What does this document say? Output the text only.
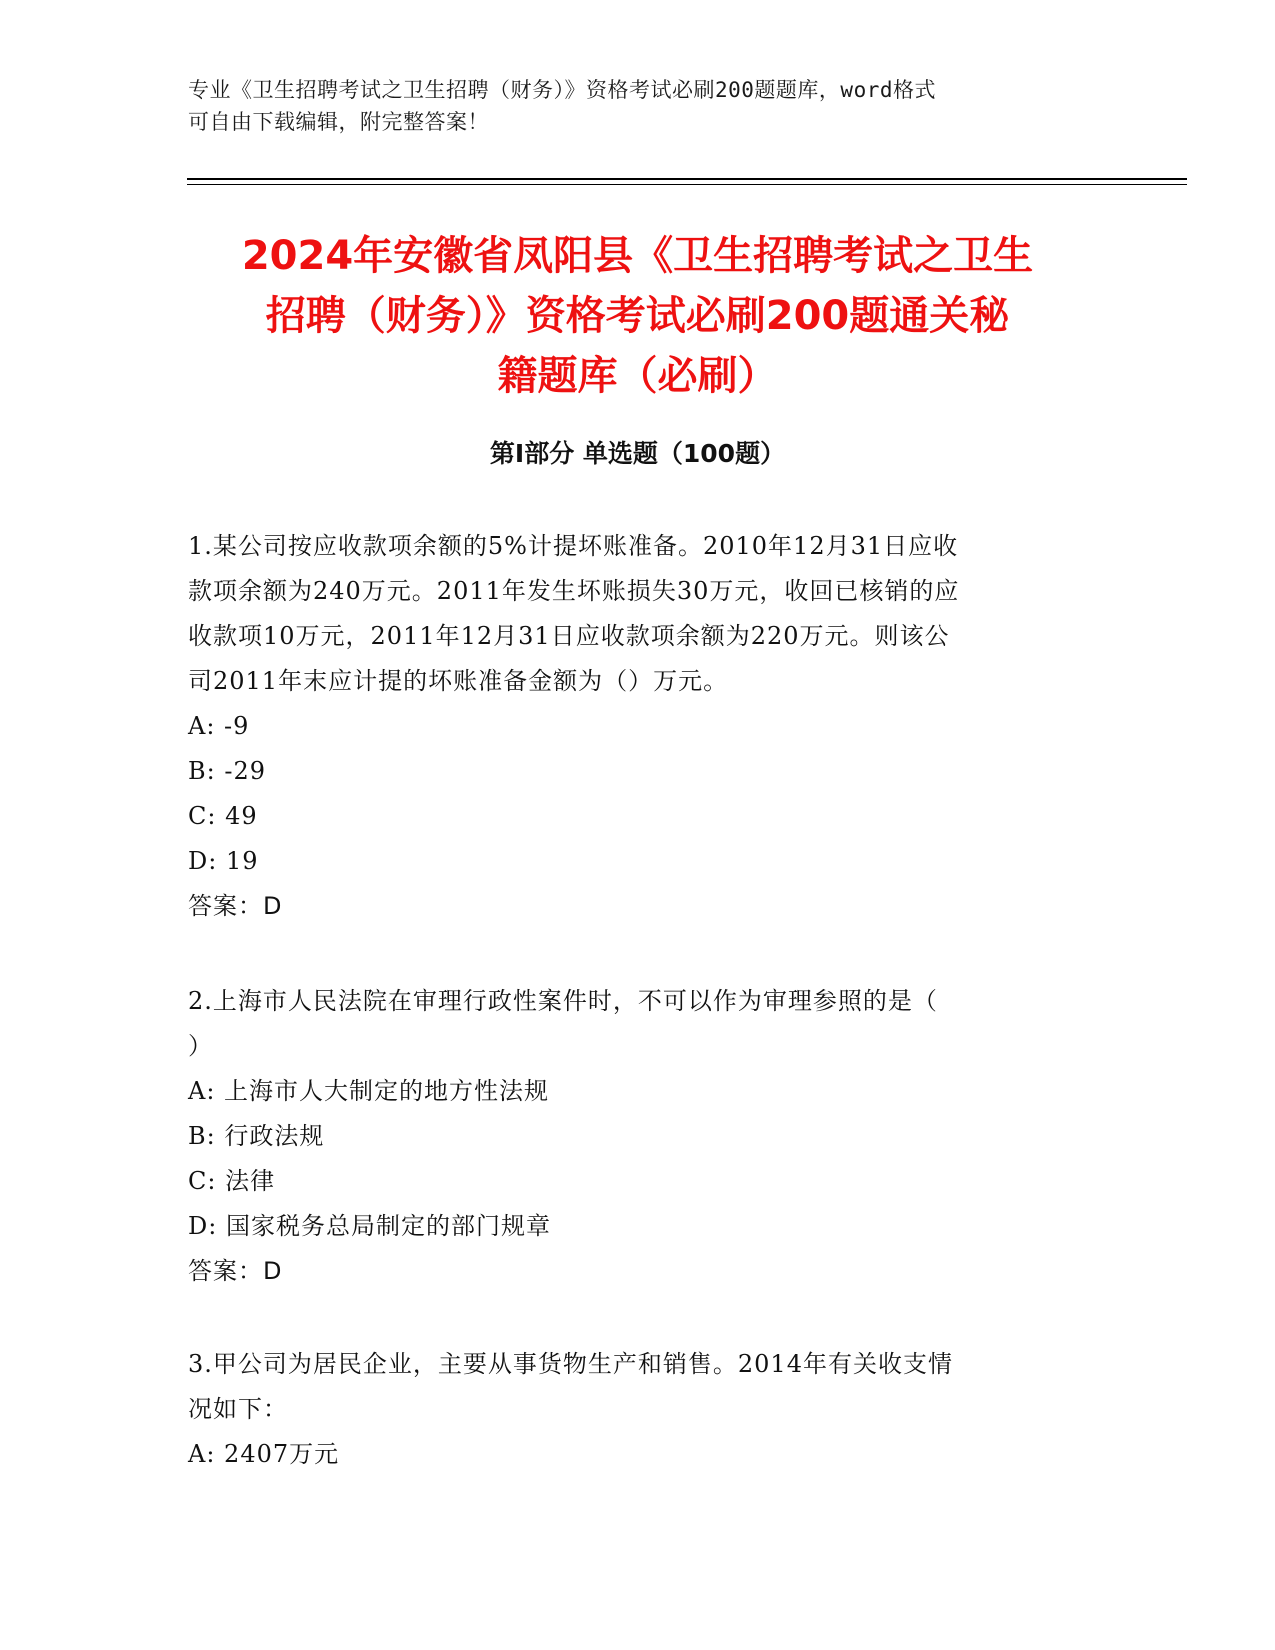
专业《卫生招聘考试之卫生招聘（财务）》资格考试必刷200题题库，word格式
可自由下载编辑，附完整答案！
2024年安徽省凤阳县《卫生招聘考试之卫生
招聘（财务）》资格考试必刷200题通关秘
籍题库（必刷）
第Ⅰ部分 单选题（100题）
1.某公司按应收款项余额的5%计提坏账准备。2010年12月31日应收
款项余额为240万元。2011年发生坏账损失30万元，收回已核销的应
收款项10万元，2011年12月31日应收款项余额为220万元。则该公
司2011年末应计提的坏账准备金额为（）万元。
A: -9
B: -29
C: 49
D: 19
答案：D
2.上海市人民法院在审理行政性案件时，不可以作为审理参照的是（
）
A: 上海市人大制定的地方性法规
B: 行政法规
C: 法律
D: 国家税务总局制定的部门规章
答案：D
3.甲公司为居民企业，主要从事货物生产和销售。2014年有关收支情
况如下：
A: 2407万元
